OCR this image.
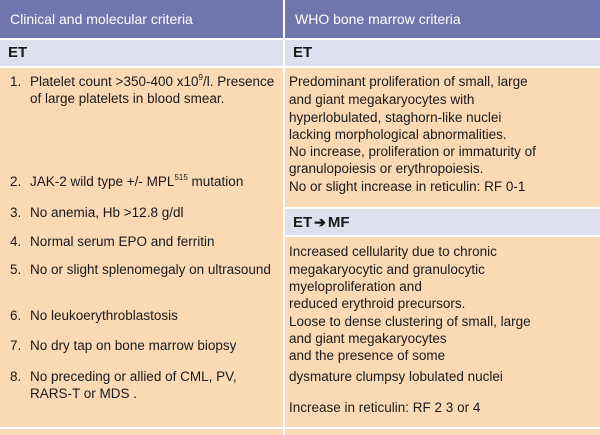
Clinical and molecular criteria	WHO bone marrow criteria
ET	ET
ET ➔ MF
1. Platelet count >350-400 $x10^9/l$. Presence of large platelets in blood smear.
2. JAK-2 wild type +/- MPL$^{515}$ mutation
3. No anemia, Hb >12.8 g/dl
4. Normal serum EPO and ferritin
5. No or slight splenomegaly on ultrasound
6. No leukoerythroblastosis
7. No dry tap on bone marrow biopsy
8. No preceding or allied of CML, PV, RARS-T or MDS .
Predominant proliferation of small, large
and giant megakaryocytes with
hyperlobulated, staghorn-like nuclei
lacking morphological abnormalities.
No increase, proliferation or immaturity of
granulopoiesis or erythropoiesis.
No or slight increase in reticulin: RF 0-1
Increased cellularity due to chronic
megakaryocytic and granulocytic
myeloproliferation and
reduced erythroid precursors.
Loose to dense clustering of small, large
and giant megakaryocytes
and the presence of some
dysmature clumpsy lobulated nuclei
Increase in reticulin: RF 2 3 or 4
